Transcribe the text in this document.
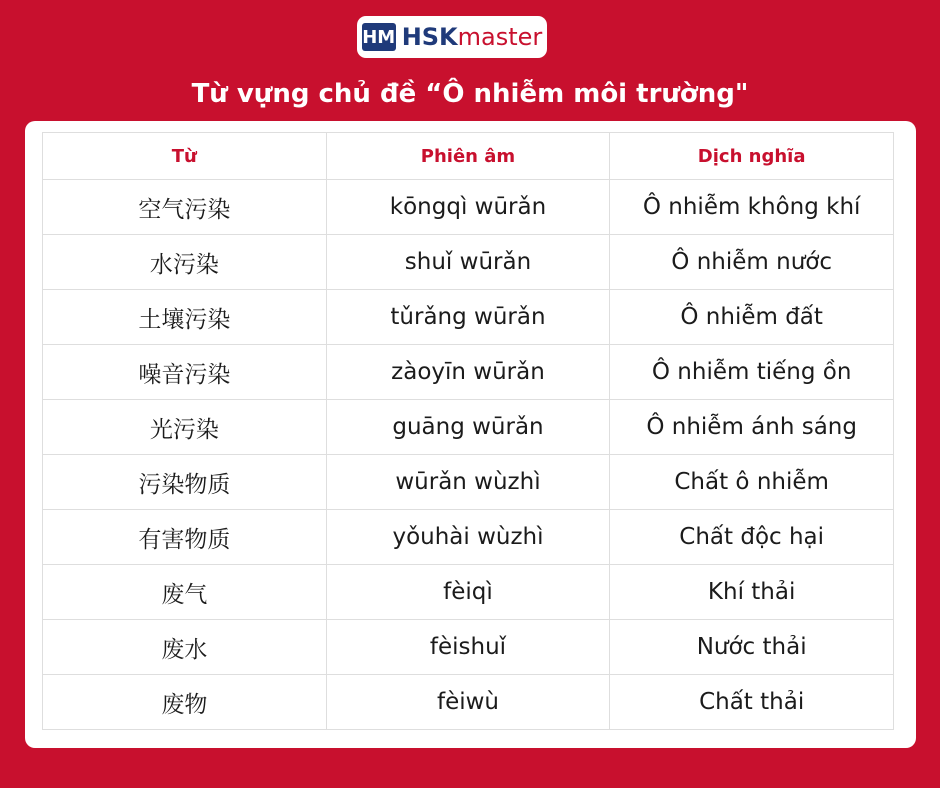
HM HSKmaster
Từ vựng chủ đề “Ô nhiễm môi trường"
Từ	Phiên âm	Dịch nghĩa
空气污染	kōngqì wūrǎn	Ô nhiễm không khí
水污染	shuǐ wūrǎn	Ô nhiễm nước
土壤污染	tǔrǎng wūrǎn	Ô nhiễm đất
噪音污染	zàoyīn wūrǎn	Ô nhiễm tiếng ồn
光污染	guāng wūrǎn	Ô nhiễm ánh sáng
污染物质	wūrǎn wùzhì	Chất ô nhiễm
有害物质	yǒuhài wùzhì	Chất độc hại
废气	fèiqì	Khí thải
废水	fèishuǐ	Nước thải
废物	fèiwù	Chất thải
